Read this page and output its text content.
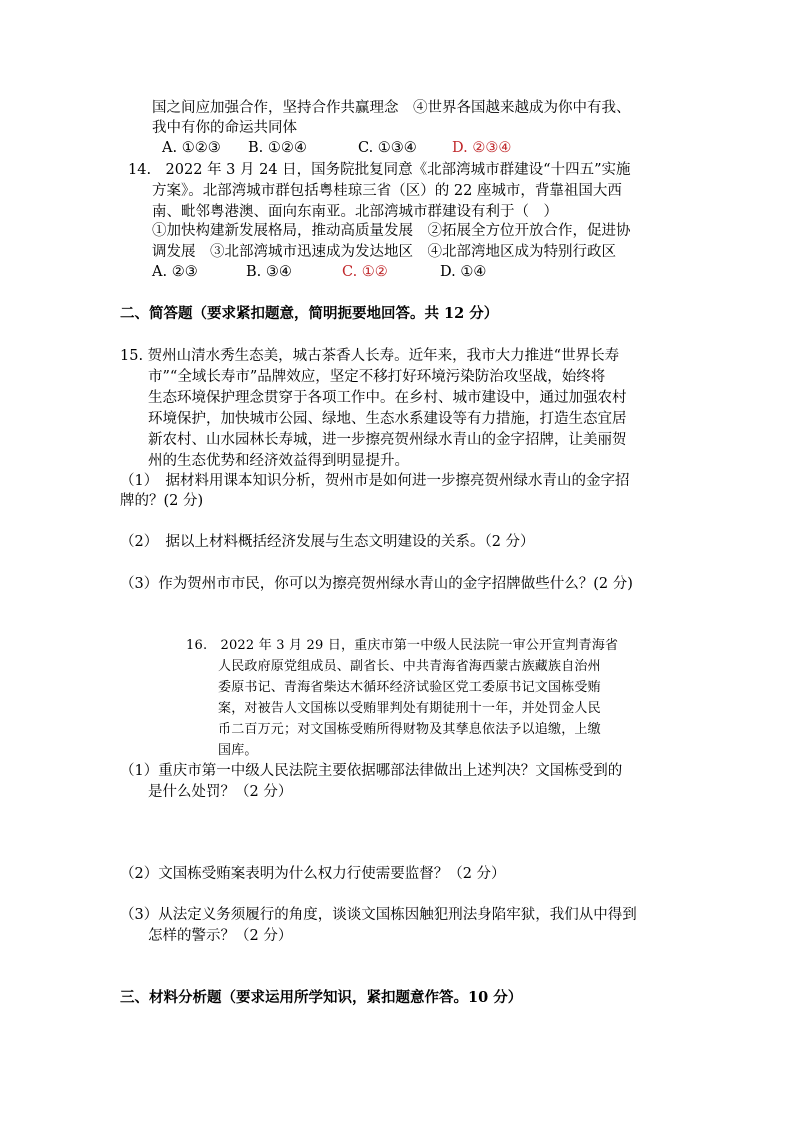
国之间应加强合作，坚持合作共赢理念　④世界各国越来越成为你中有我、
我中有你的命运共同体
A. ①②③ B. ①②④	C. ①③④ D. ②③④
14.　2022 年 3 月 24 日，国务院批复同意《北部湾城市群建设“十四五”实施
方案》。北部湾城市群包括粤桂琼三省（区）的 22 座城市，背靠祖国大西
南、毗邻粤港澳、面向东南亚。北部湾城市群建设有利于（　）
①加快构建新发展格局，推动高质量发展　②拓展全方位开放合作，促进协
调发展　③北部湾城市迅速成为发达地区　④北部湾地区成为特别行政区
A. ②③	B. ③④	C. ①②	D. ①④
二、简答题（要求紧扣题意，简明扼要地回答。共 12 分）
15. 贺州山清水秀生态美，城古茶香人长寿。近年来，我市大力推进“世界长寿
市”“全域长寿市”品牌效应，坚定不移打好环境污染防治攻坚战，始终将
生态环境保护理念贯穿于各项工作中。在乡村、城市建设中，通过加强农村
环境保护，加快城市公园、绿地、生态水系建设等有力措施，打造生态宜居
新农村、山水园林长寿城，进一步擦亮贺州绿水青山的金字招牌，让美丽贺
州的生态优势和经济效益得到明显提升。
（1）　据材料用课本知识分析，贺州市是如何进一步擦亮贺州绿水青山的金字招
牌的？(2 分)
（2）　据以上材料概括经济发展与生态文明建设的关系。（2 分）
（3）作为贺州市市民，你可以为擦亮贺州绿水青山的金字招牌做些什么？(2 分)
16.　2022 年 3 月 29 日，重庆市第一中级人民法院一审公开宣判青海省
人民政府原党组成员、副省长、中共青海省海西蒙古族藏族自治州
委原书记、青海省柴达木循环经济试验区党工委原书记文国栋受贿
案，对被告人文国栋以受贿罪判处有期徒刑十一年，并处罚金人民
币二百万元；对文国栋受贿所得财物及其孳息依法予以追缴，上缴
国库。
（1）重庆市第一中级人民法院主要依据哪部法律做出上述判决？文国栋受到的
是什么处罚？（2 分）
（2）文国栋受贿案表明为什么权力行使需要监督？（2 分）
（3）从法定义务须履行的角度，谈谈文国栋因触犯刑法身陷牢狱，我们从中得到
怎样的警示？（2 分）
三、材料分析题（要求运用所学知识，紧扣题意作答。10 分）
